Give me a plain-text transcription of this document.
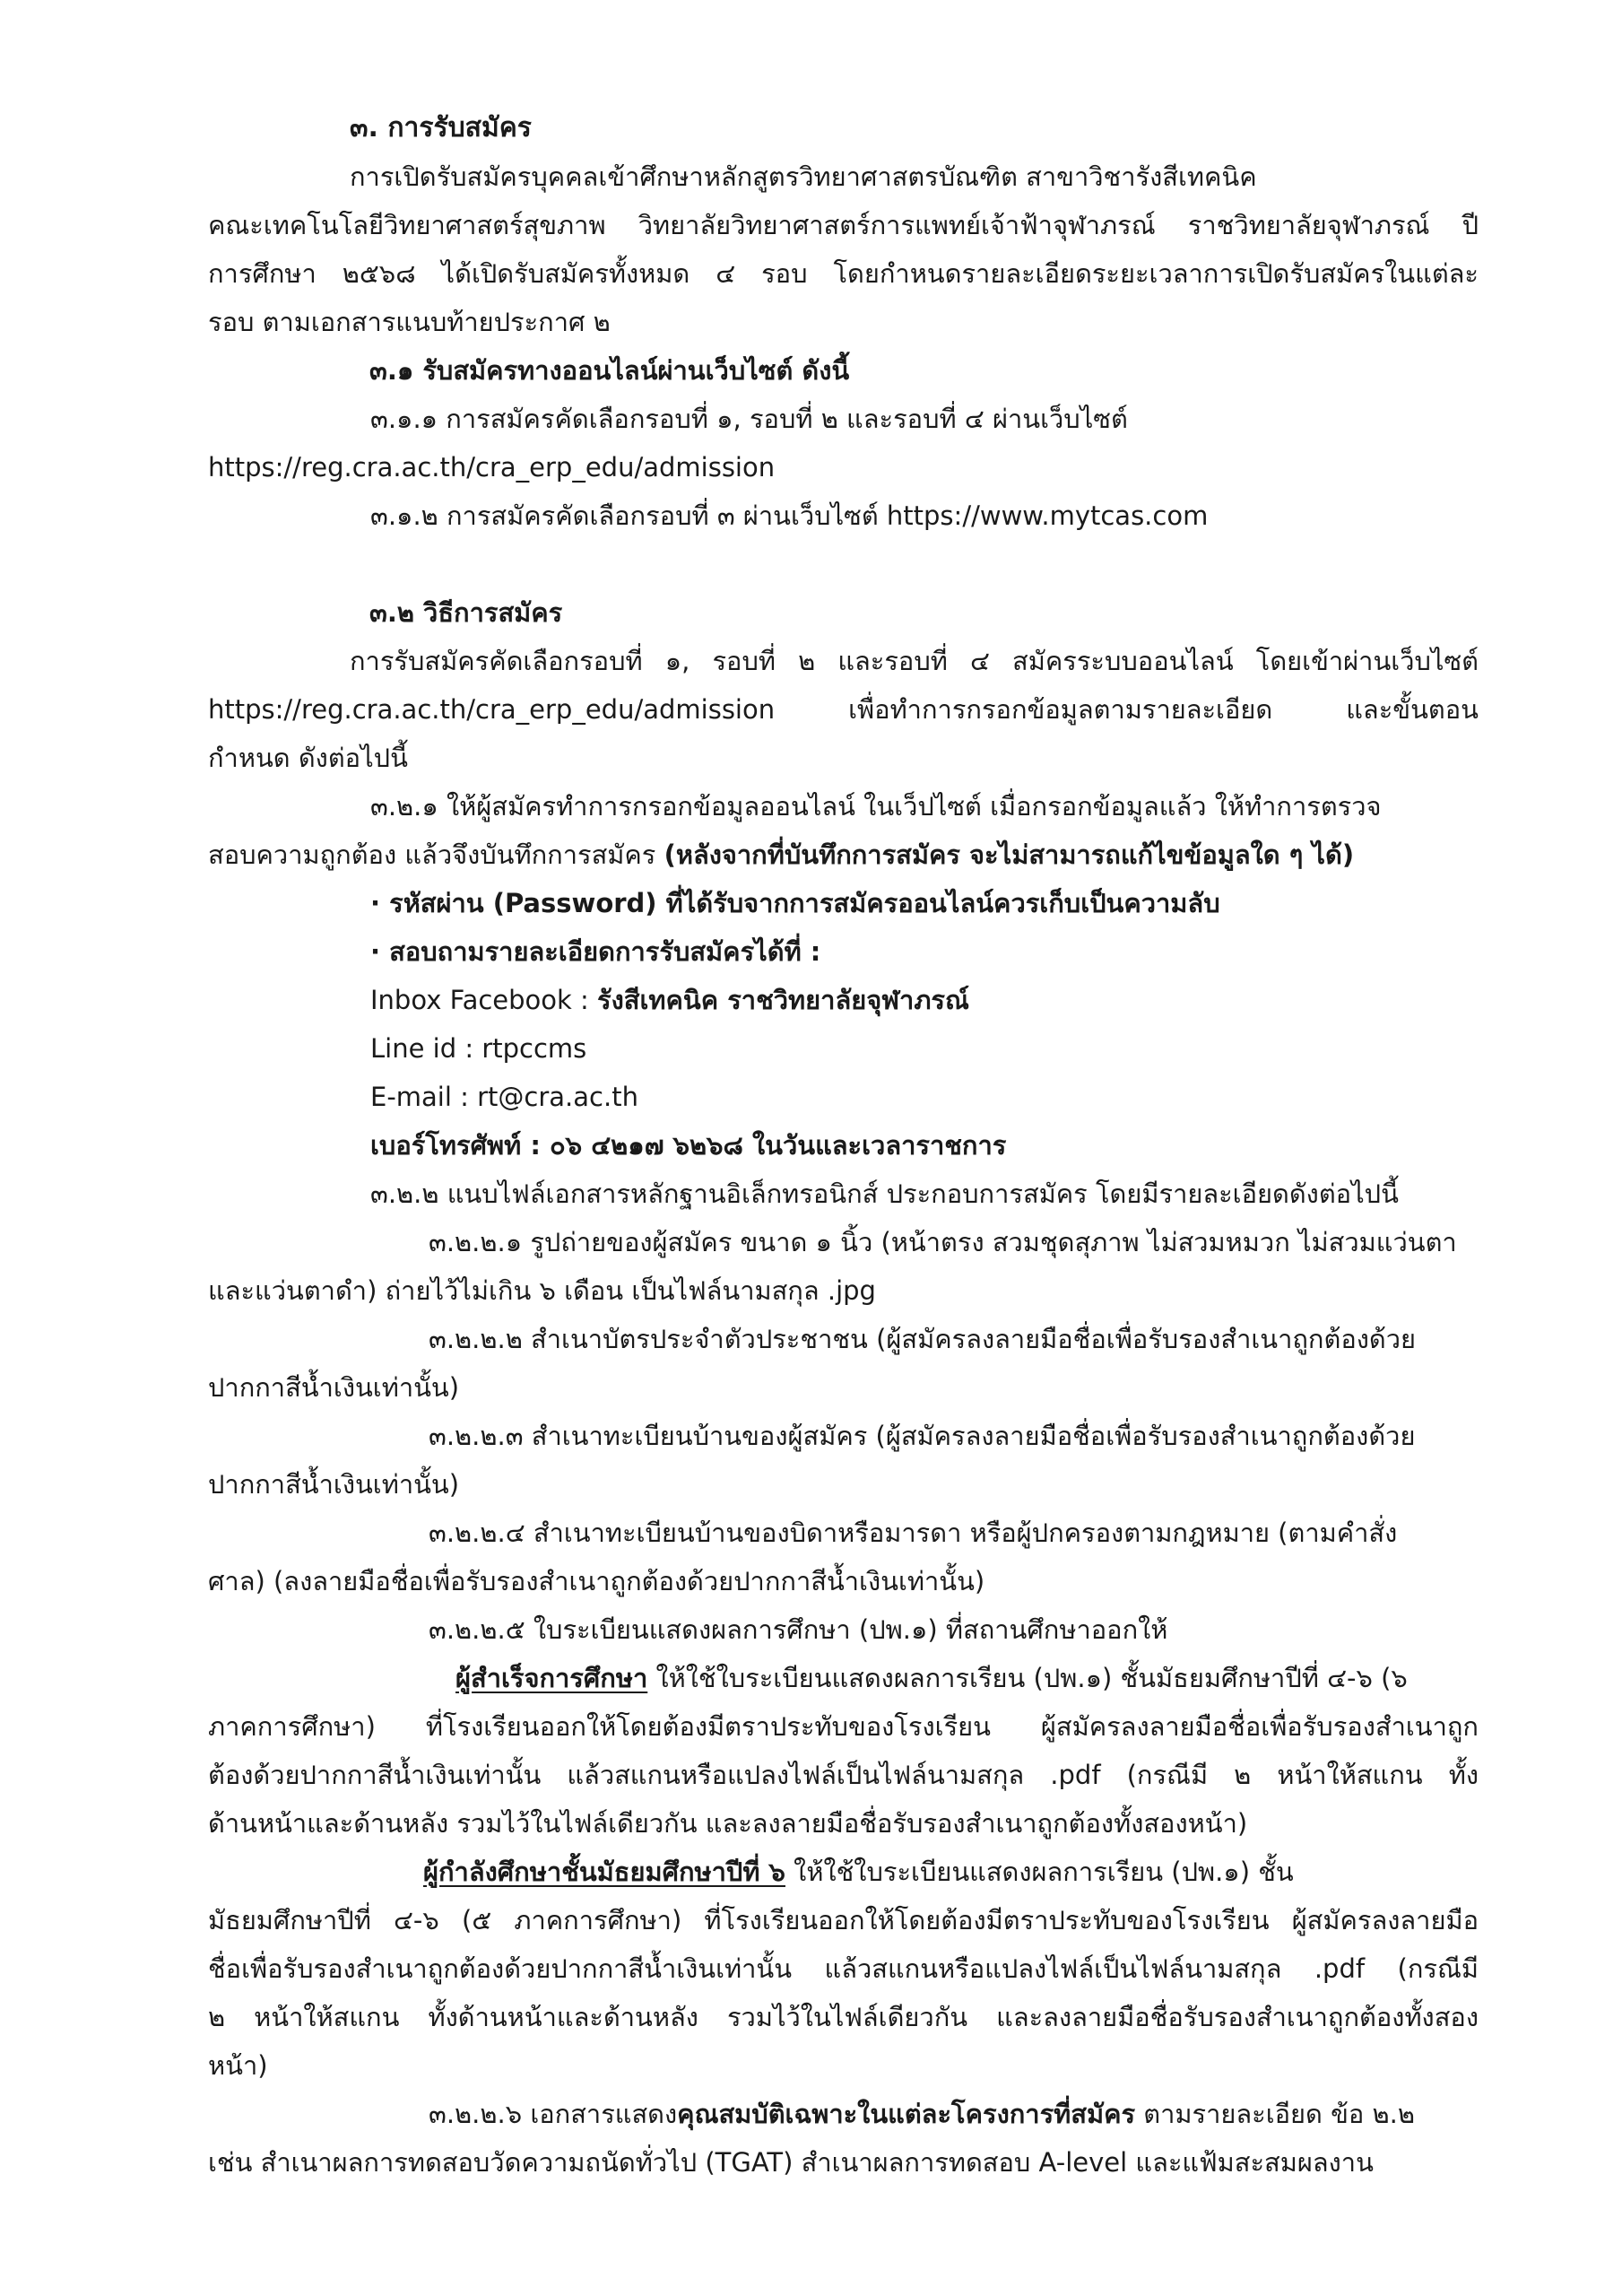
๓. การรับสมัคร
การเปิดรับสมัครบุคคลเข้าศึกษาหลักสูตรวิทยาศาสตรบัณฑิต สาขาวิชารังสีเทคนิค
คณะเทคโนโลยีวิทยาศาสตร์สุขภาพ วิทยาลัยวิทยาศาสตร์การแพทย์เจ้าฟ้าจุฬาภรณ์ ราชวิทยาลัยจุฬาภรณ์ ปี
การศึกษา ๒๕๖๘ ได้เปิดรับสมัครทั้งหมด ๔ รอบ โดยกำหนดรายละเอียดระยะเวลาการเปิดรับสมัครในแต่ละ
รอบ ตามเอกสารแนบท้ายประกาศ ๒
๓.๑ รับสมัครทางออนไลน์ผ่านเว็บไซต์ ดังนี้
๓.๑.๑ การสมัครคัดเลือกรอบที่ ๑, รอบที่ ๒ และรอบที่ ๔ ผ่านเว็บไซต์
https://reg.cra.ac.th/cra_erp_edu/admission
๓.๑.๒ การสมัครคัดเลือกรอบที่ ๓ ผ่านเว็บไซต์ https://www.mytcas.com
๓.๒ วิธีการสมัคร
การรับสมัครคัดเลือกรอบที่ ๑, รอบที่ ๒ และรอบที่ ๔ สมัครระบบออนไลน์ โดยเข้าผ่านเว็บไซต์
https://reg.cra.ac.th/cra_erp_edu/admission เพื่อทำการกรอกข้อมูลตามรายละเอียด และขั้นตอน
กำหนด ดังต่อไปนี้
๓.๒.๑ ให้ผู้สมัครทำการกรอกข้อมูลออนไลน์ ในเว็ปไซต์ เมื่อกรอกข้อมูลแล้ว ให้ทำการตรวจ
สอบความถูกต้อง แล้วจึงบันทึกการสมัคร (หลังจากที่บันทึกการสมัคร จะไม่สามารถแก้ไขข้อมูลใด ๆ ได้)
· รหัสผ่าน (Password) ที่ได้รับจากการสมัครออนไลน์ควรเก็บเป็นความลับ
· สอบถามรายละเอียดการรับสมัครได้ที่ :
Inbox Facebook : รังสีเทคนิค ราชวิทยาลัยจุฬาภรณ์
Line id : rtpccms
E-mail : rt@cra.ac.th
เบอร์โทรศัพท์ : ๐๖ ๔๒๑๗ ๖๒๖๘ ในวันและเวลาราชการ
๓.๒.๒ แนบไฟล์เอกสารหลักฐานอิเล็กทรอนิกส์ ประกอบการสมัคร โดยมีรายละเอียดดังต่อไปนี้
๓.๒.๒.๑ รูปถ่ายของผู้สมัคร ขนาด ๑ นิ้ว (หน้าตรง สวมชุดสุภาพ ไม่สวมหมวก ไม่สวมแว่นตา
และแว่นตาดำ) ถ่ายไว้ไม่เกิน ๖ เดือน เป็นไฟล์นามสกุล .jpg
๓.๒.๒.๒ สำเนาบัตรประจำตัวประชาชน (ผู้สมัครลงลายมือชื่อเพื่อรับรองสำเนาถูกต้องด้วย
ปากกาสีน้ำเงินเท่านั้น)
๓.๒.๒.๓ สำเนาทะเบียนบ้านของผู้สมัคร (ผู้สมัครลงลายมือชื่อเพื่อรับรองสำเนาถูกต้องด้วย
ปากกาสีน้ำเงินเท่านั้น)
๓.๒.๒.๔ สำเนาทะเบียนบ้านของบิดาหรือมารดา หรือผู้ปกครองตามกฎหมาย (ตามคำสั่ง
ศาล) (ลงลายมือชื่อเพื่อรับรองสำเนาถูกต้องด้วยปากกาสีน้ำเงินเท่านั้น)
๓.๒.๒.๕ ใบระเบียนแสดงผลการศึกษา (ปพ.๑) ที่สถานศึกษาออกให้
ผู้สำเร็จการศึกษา ให้ใช้ใบระเบียนแสดงผลการเรียน (ปพ.๑) ชั้นมัธยมศึกษาปีที่ ๔-๖ (๖
ภาคการศึกษา) ที่โรงเรียนออกให้โดยต้องมีตราประทับของโรงเรียน ผู้สมัครลงลายมือชื่อเพื่อรับรองสำเนาถูก
ต้องด้วยปากกาสีน้ำเงินเท่านั้น แล้วสแกนหรือแปลงไฟล์เป็นไฟล์นามสกุล .pdf (กรณีมี ๒ หน้าให้สแกน ทั้ง
ด้านหน้าและด้านหลัง รวมไว้ในไฟล์เดียวกัน และลงลายมือชื่อรับรองสำเนาถูกต้องทั้งสองหน้า)
ผู้กำลังศึกษาชั้นมัธยมศึกษาปีที่ ๖ ให้ใช้ใบระเบียนแสดงผลการเรียน (ปพ.๑) ชั้น
มัธยมศึกษาปีที่ ๔-๖ (๕ ภาคการศึกษา) ที่โรงเรียนออกให้โดยต้องมีตราประทับของโรงเรียน ผู้สมัครลงลายมือ
ชื่อเพื่อรับรองสำเนาถูกต้องด้วยปากกาสีน้ำเงินเท่านั้น แล้วสแกนหรือแปลงไฟล์เป็นไฟล์นามสกุล .pdf (กรณีมี
๒ หน้าให้สแกน ทั้งด้านหน้าและด้านหลัง รวมไว้ในไฟล์เดียวกัน และลงลายมือชื่อรับรองสำเนาถูกต้องทั้งสอง
หน้า)
๓.๒.๒.๖ เอกสารแสดงคุณสมบัติเฉพาะในแต่ละโครงการที่สมัคร ตามรายละเอียด ข้อ ๒.๒
เช่น สำเนาผลการทดสอบวัดความถนัดทั่วไป (TGAT) สำเนาผลการทดสอบ A-level และแฟ้มสะสมผลงาน
